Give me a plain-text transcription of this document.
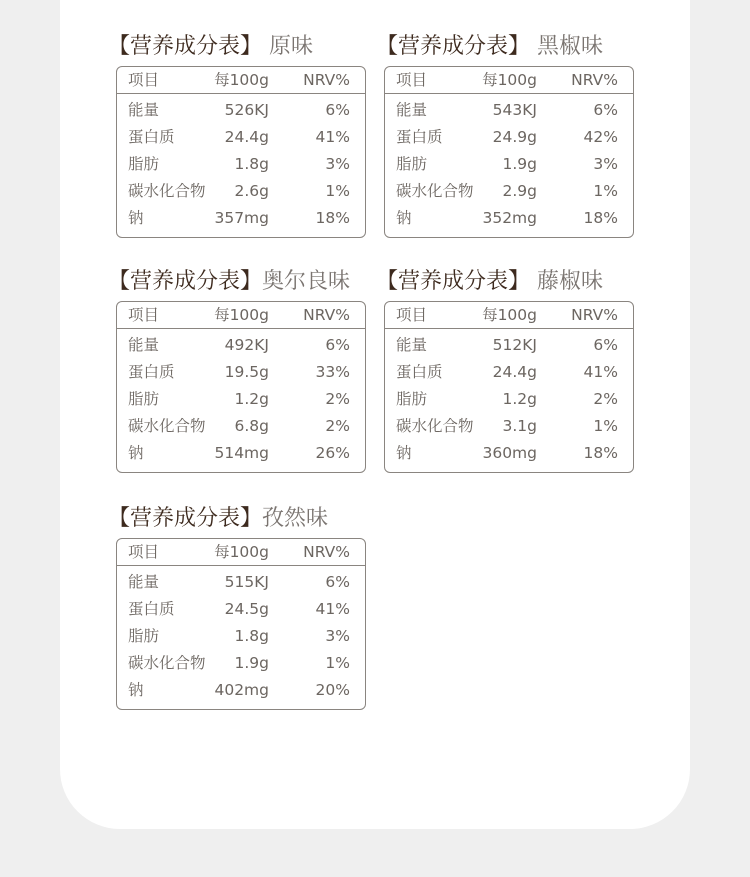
【营养成分表】 原味
项目	每100g NRV%
能量	526KJ	6%
蛋白质	24.4g	41%
脂肪	1.8g	3%
碳水化合物 2.6g	1%
钠	357mg	18%
【营养成分表】 黑椒味
项目	每100g NRV%
能量	543KJ	6%
蛋白质	24.9g	42%
脂肪	1.9g	3%
碳水化合物 2.9g	1%
钠	352mg	18%
【营养成分表】奥尔良味
项目	每100g NRV%
能量	492KJ	6%
蛋白质	19.5g	33%
脂肪	1.2g	2%
碳水化合物 6.8g	2%
钠	514mg	26%
【营养成分表】 藤椒味
项目	每100g NRV%
能量	512KJ	6%
蛋白质	24.4g	41%
脂肪	1.2g	2%
碳水化合物 3.1g	1%
钠	360mg	18%
【营养成分表】孜然味
项目	每100g NRV%
能量	515KJ	6%
蛋白质	24.5g	41%
脂肪	1.8g	3%
碳水化合物 1.9g	1%
钠	402mg	20%
